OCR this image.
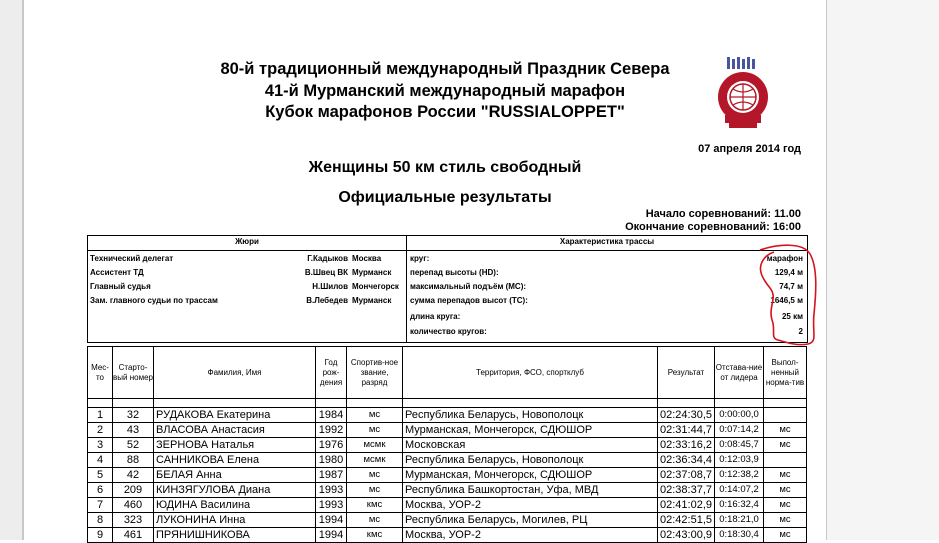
80-й традиционный международный Праздник Севера
41-й Мурманский международный марафон
Кубок марафонов России "RUSSIALOPPET"
07 апреля 2014 год
Женщины 50 км стиль свободный
Официальные результаты
Начало соревнований: 11.00
Окончание соревнований: 16:00
Жюри	Характеристика трассы
Технический делегат	Г.Кадыков Москва
Ассистент ТД	В.Швец ВК Мурманск
Главный судья	Н.Шилов Мончегорск
Зам. главного судьи по трассам	В.Лебедев Мурманск
круг:	марафон
перепад высоты (HD):	129,4 м
максимальный подъём (МС):	74,7 м
сумма перепадов высот (ТС):	1646,5 м
длина круга:	25 км
количество кругов:	2
Мес-то	Старто-вый номер	Фамилия, Имя	Год рож-дения	Спортив-ное звание, разряд	Территория, ФСО, спортклуб	Результат	Отстава-ние от лидера	Выпол-ненный норма-тив

1	32	РУДАКОВА Екатерина	1984	мс	Республика Беларусь, Новополоцк	02:24:30,5	0:00:00,0	
2	43	ВЛАСОВА Анастасия	1992	мс	Мурманская, Мончегорск, СДЮШОР	02:31:44,7	0:07:14,2	мс
3	52	ЗЕРНОВА Наталья	1976	мсмк	Московская	02:33:16,2	0:08:45,7	мс
4	88	САННИКОВА Елена	1980	мсмк	Республика Беларусь, Новополоцк	02:36:34,4	0:12:03,9	
5	42	БЕЛАЯ Анна	1987	мс	Мурманская, Мончегорск, СДЮШОР	02:37:08,7	0:12:38,2	мс
6	209	КИНЗЯГУЛОВА Диана	1993	мс	Республика Башкортостан, Уфа, МВД	02:38:37,7	0:14:07,2	мс
7	460	ЮДИНА Василина	1993	кмс	Москва, УОР-2	02:41:02,9	0:16:32,4	мс
8	323	ЛУКОНИНА Инна	1994	мс	Республика Беларусь, Могилев, РЦ	02:42:51,5	0:18:21,0	мс
9	461	ПРЯНИШНИКОВА	1994	кмс	Москва, УОР-2	02:43:00,9	0:18:30,4	мс
